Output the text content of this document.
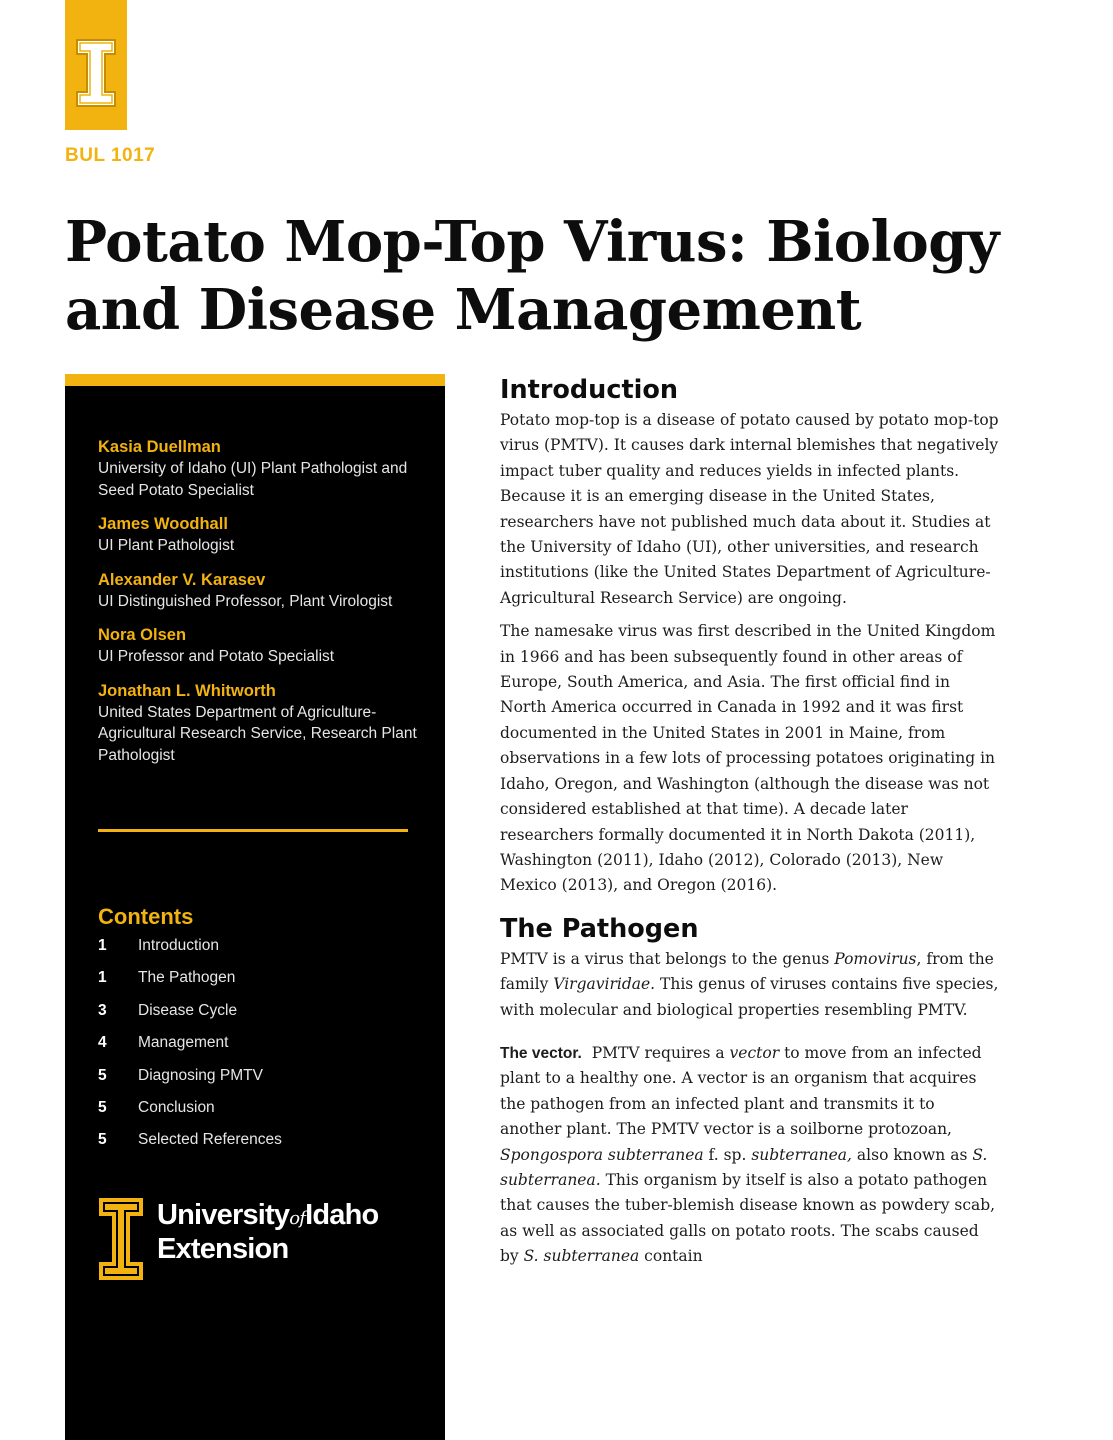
BUL 1017
Potato Mop-Top Virus: Biology and Disease Management
Kasia Duellman
University of Idaho (UI) Plant Pathologist and Seed Potato Specialist
James Woodhall
UI Plant Pathologist
Alexander V. Karasev
UI Distinguished Professor, Plant Virologist
Nora Olsen
UI Professor and Potato Specialist
Jonathan L. Whitworth
United States Department of Agriculture-Agricultural Research Service, Research Plant Pathologist
Contents
1	Introduction
1	The Pathogen
3	Disease Cycle
4	Management
5	Diagnosing PMTV
5	Conclusion
5	Selected References
UniversityofIdaho
Extension
Introduction

Potato mop-top is a disease of potato caused by potato mop-top virus (PMTV). It causes dark internal blemishes that negatively impact tuber quality and reduces yields in infected plants. Because it is an emerging disease in the United States, researchers have not published much data about it. Studies at the University of Idaho (UI), other universities, and research institutions (like the United States Department of Agriculture-Agricultural Research Service) are ongoing.

The namesake virus was first described in the United Kingdom in 1966 and has been subsequently found in other areas of Europe, South America, and Asia. The first official find in North America occurred in Canada in 1992 and it was first documented in the United States in 2001 in Maine, from observations in a few lots of processing potatoes originating in Idaho, Oregon, and Washington (although the disease was not considered established at that time). A decade later researchers formally documented it in North Dakota (2011), Washington (2011), Idaho (2012), Colorado (2013), New Mexico (2013), and Oregon (2016).

The Pathogen

PMTV is a virus that belongs to the genus Pomovirus, from the family Virgaviridae. This genus of viruses contains five species, with molecular and biological properties resembling PMTV.

The vector.  PMTV requires a vector to move from an infected plant to a healthy one. A vector is an organism that acquires the pathogen from an infected plant and transmits it to another plant. The PMTV vector is a soilborne protozoan, Spongospora subterranea f. sp. subterranea, also known as S. subterranea. This organism by itself is also a potato pathogen that causes the tuber-blemish disease known as powdery scab, as well as associated galls on potato roots. The scabs caused by S. subterranea contain
